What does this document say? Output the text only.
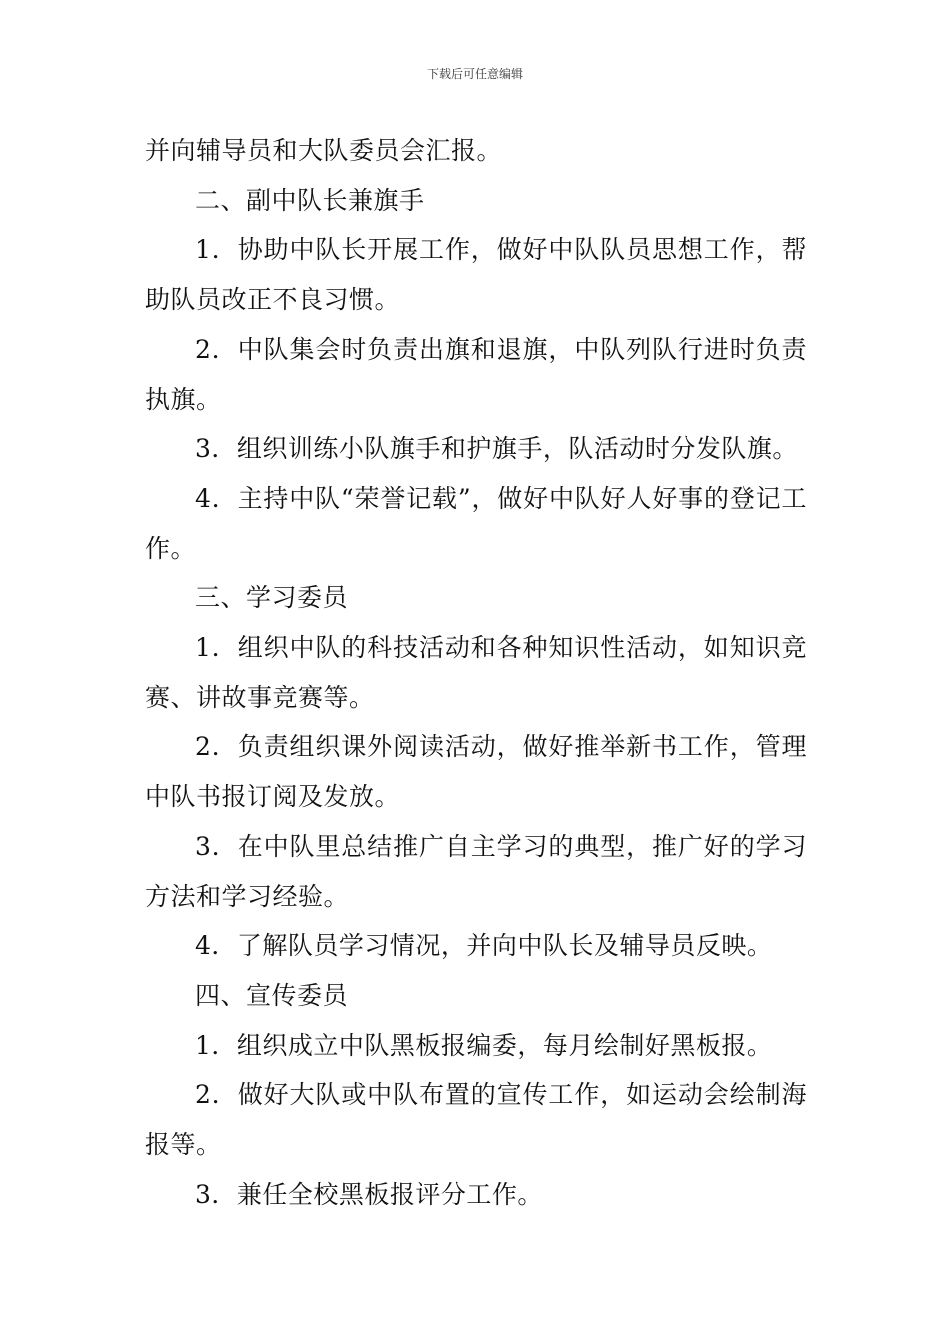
下载后可任意编辑

并向辅导员和大队委员会汇报。

二、副中队长兼旗手

1．协助中队长开展工作，做好中队队员思想工作，帮助队员改正不良习惯。

2．中队集会时负责出旗和退旗，中队列队行进时负责执旗。

3．组织训练小队旗手和护旗手，队活动时分发队旗。

4．主持中队“荣誉记载”，做好中队好人好事的登记工作。

三、学习委员

1．组织中队的科技活动和各种知识性活动，如知识竞赛、讲故事竞赛等。

2．负责组织课外阅读活动，做好推举新书工作，管理中队书报订阅及发放。

3．在中队里总结推广自主学习的典型，推广好的学习方法和学习经验。

4．了解队员学习情况，并向中队长及辅导员反映。

四、宣传委员

1．组织成立中队黑板报编委，每月绘制好黑板报。

2．做好大队或中队布置的宣传工作，如运动会绘制海报等。

3．兼任全校黑板报评分工作。
